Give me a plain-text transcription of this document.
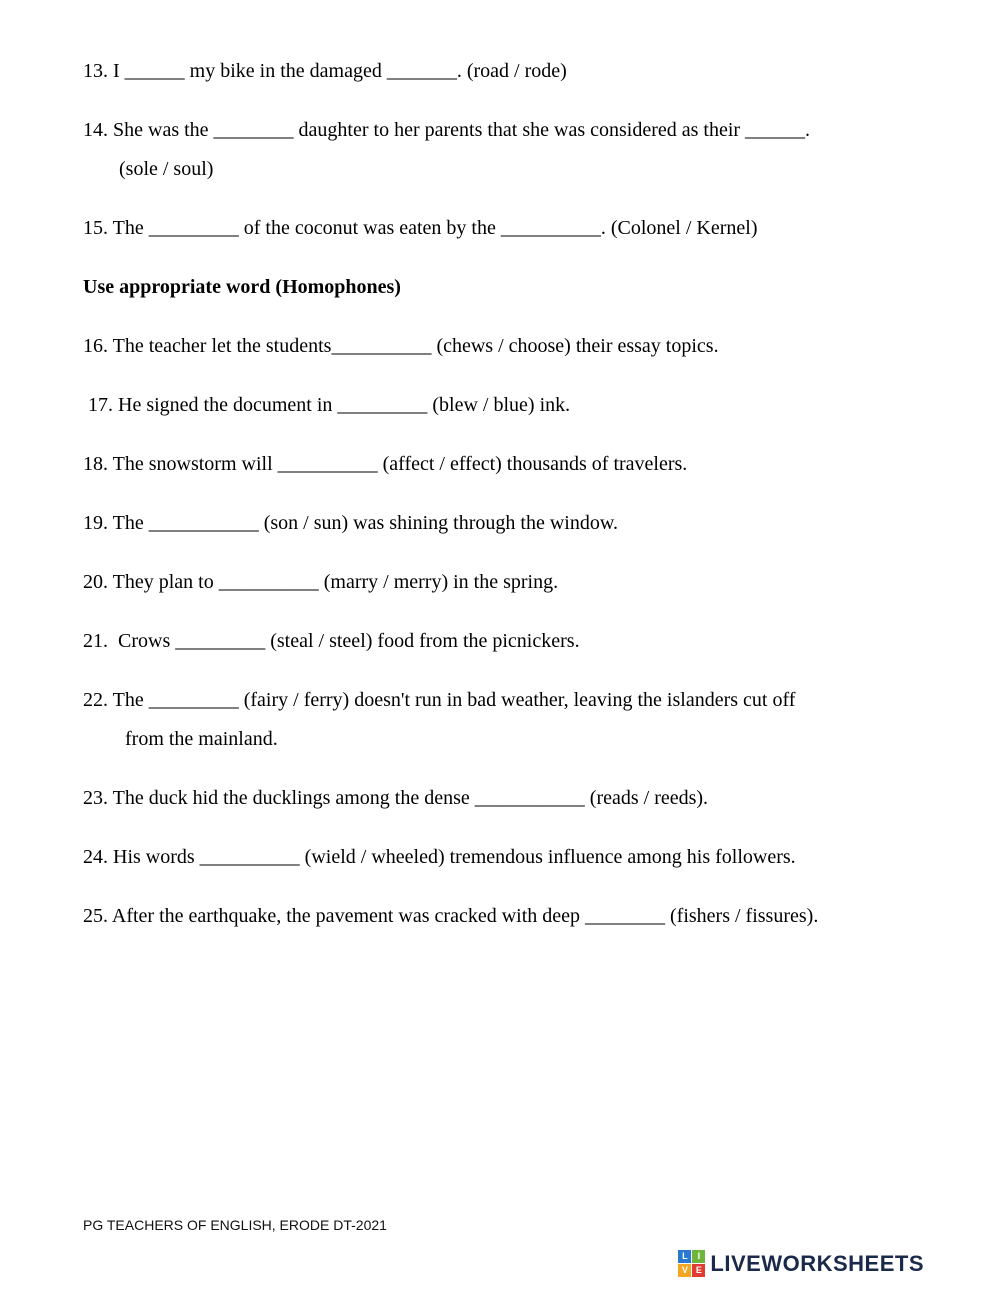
13. I ______ my bike in the damaged _______. (road / rode)

14. She was the ________ daughter to her parents that she was considered as their ______.
(sole / soul)

15. The _________ of the coconut was eaten by the __________. (Colonel / Kernel)

Use appropriate word (Homophones)

16. The teacher let the students__________ (chews / choose) their essay topics.

17. He signed the document in _________ (blew / blue) ink.

18. The snowstorm will __________ (affect / effect) thousands of travelers.

19. The ___________ (son / sun) was shining through the window.

20. They plan to __________ (marry / merry) in the spring.

21.  Crows _________ (steal / steel) food from the picnickers.

22. The _________ (fairy / ferry) doesn't run in bad weather, leaving the islanders cut off
from the mainland.

23. The duck hid the ducklings among the dense ___________ (reads / reeds).

24. His words __________ (wield / wheeled) tremendous influence among his followers.

25. After the earthquake, the pavement was cracked with deep ________ (fishers / fissures).

PG TEACHERS OF ENGLISH, ERODE DT-2021
L	I
V E LIVEWORKSHEETS
